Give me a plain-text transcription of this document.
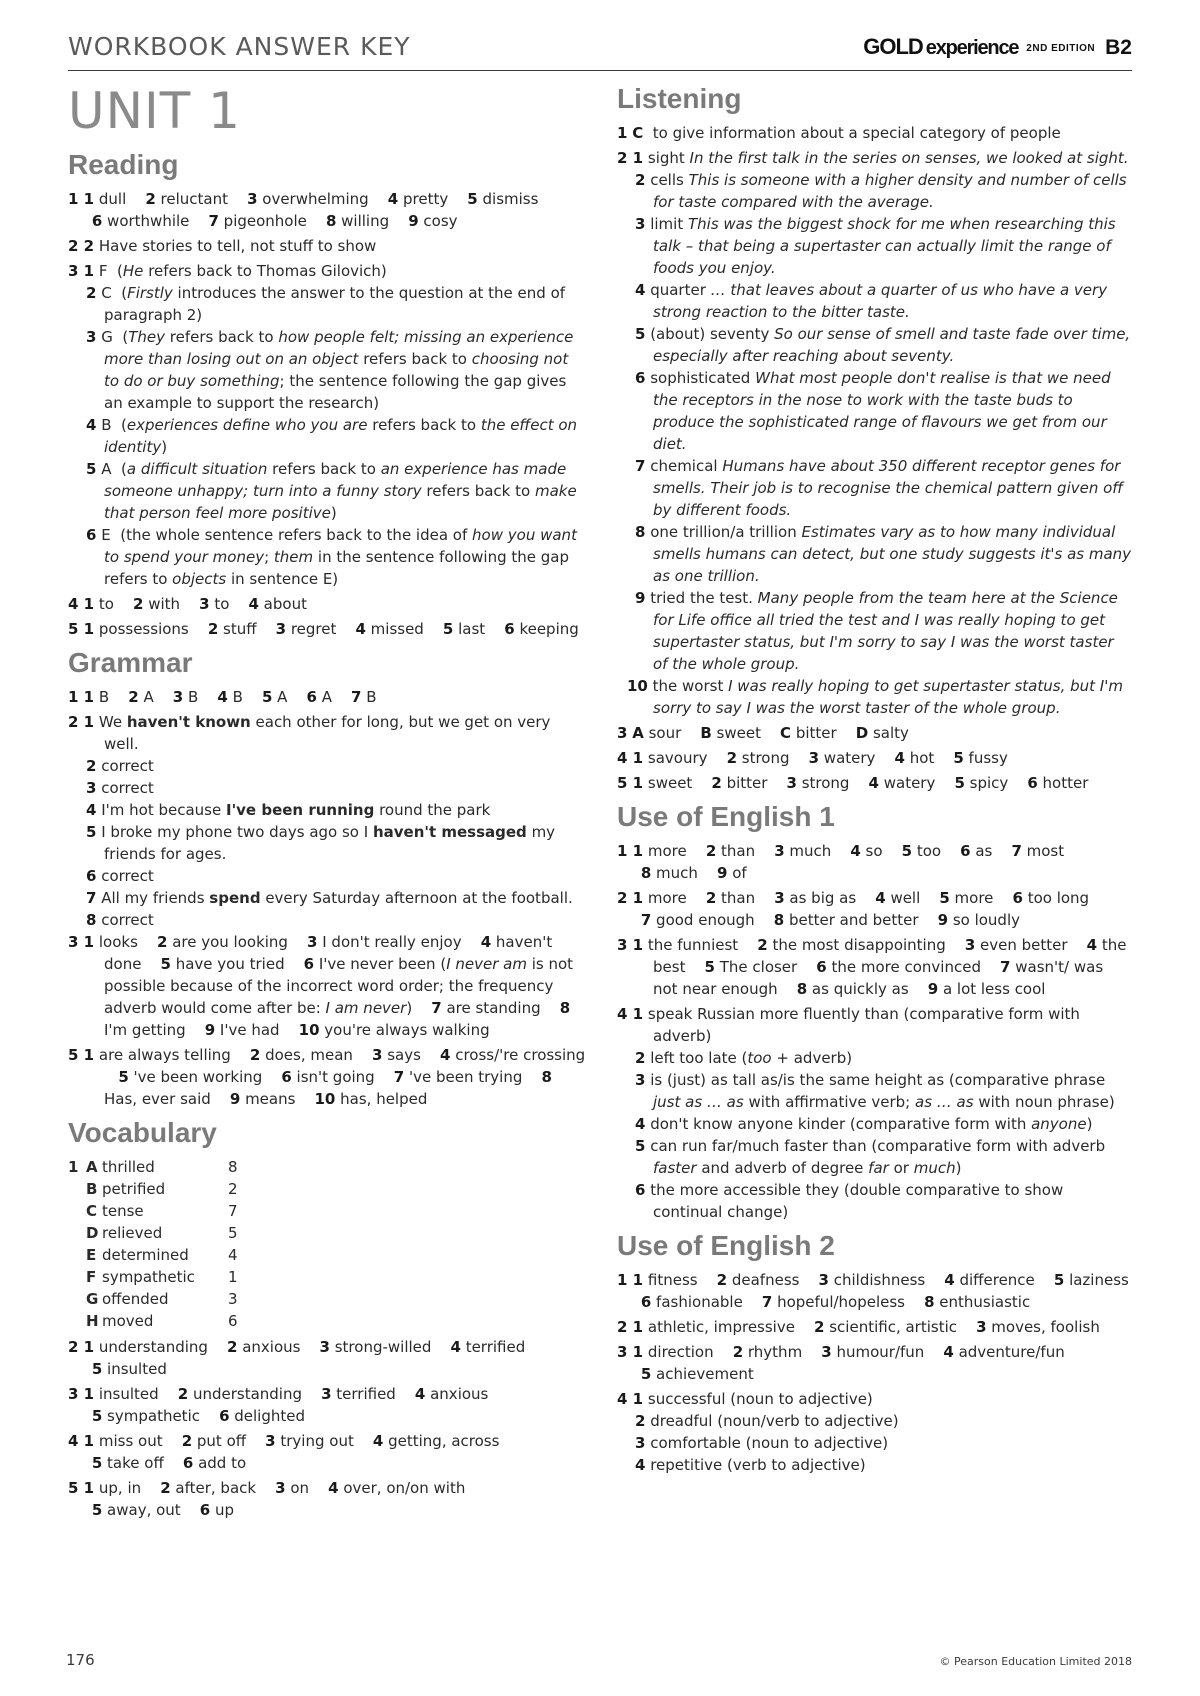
WORKBOOK ANSWER KEY	GOLD experience 2ND EDITION B2
UNIT 1
Reading
1 1 dull    2 reluctant    3 overwhelming    4 pretty    5 dismiss
6 worthwhile    7 pigeonhole    8 willing    9 cosy
2 2 Have stories to tell, not stuff to show
3 1 F  (He refers back to Thomas Gilovich)
2 C  (Firstly introduces the answer to the question at the end of paragraph 2)
3 G  (They refers back to how people felt; missing an experience more than losing out on an object refers back to choosing not to do or buy something; the sentence following the gap gives an example to support the research)
4 B  (experiences define who you are refers back to the effect on identity)
5 A  (a difficult situation refers back to an experience has made someone unhappy; turn into a funny story refers back to make that person feel more positive)
6 E  (the whole sentence refers back to the idea of how you want to spend your money; them in the sentence following the gap refers to objects in sentence E)
4 1 to    2 with    3 to    4 about
5 1 possessions    2 stuff    3 regret    4 missed    5 last    6 keeping
Grammar
1 1 B    2 A    3 B    4 B    5 A    6 A    7 B
2 1 We haven't known each other for long, but we get on very well.
2 correct
3 correct
4 I'm hot because I've been running round the park
5 I broke my phone two days ago so I haven't messaged my friends for ages.
6 correct
7 All my friends spend every Saturday afternoon at the football.
8 correct
3 1 looks    2 are you looking    3 I don't really enjoy    4 haven't done    5 have you tried    6 I've never been (I never am is not possible because of the incorrect word order; the frequency adverb would come after be: I am never)    7 are standing    8 I'm getting    9 I've had    10 you're always walking
5 1 are always telling    2 does, mean    3 says    4 cross/'re crossing    5 've been working    6 isn't going    7 've been trying    8 Has, ever said    9 means    10 has, helped
Vocabulary
1	A	thrilled	8
	B	petrified	2
	C	tense	7
	D	relieved	5
	E	determined	4
	F	sympathetic	1
	G	offended	3
	H	moved	6
2 1 understanding    2 anxious    3 strong-willed    4 terrified
5 insulted
3 1 insulted    2 understanding    3 terrified    4 anxious
5 sympathetic    6 delighted
4 1 miss out    2 put off    3 trying out    4 getting, across
5 take off    6 add to
5 1 up, in    2 after, back    3 on    4 over, on/on with
5 away, out    6 up
Listening
1 C  to give information about a special category of people
2 1 sight In the first talk in the series on senses, we looked at sight.
2 cells This is someone with a higher density and number of cells for taste compared with the average.
3 limit This was the biggest shock for me when researching this talk – that being a supertaster can actually limit the range of foods you enjoy.
4 quarter … that leaves about a quarter of us who have a very strong reaction to the bitter taste.
5 (about) seventy So our sense of smell and taste fade over time, especially after reaching about seventy.
6 sophisticated What most people don't realise is that we need the receptors in the nose to work with the taste buds to produce the sophisticated range of flavours we get from our diet.
7 chemical Humans have about 350 different receptor genes for smells. Their job is to recognise the chemical pattern given off by different foods.
8 one trillion/a trillion Estimates vary as to how many individual smells humans can detect, but one study suggests it's as many as one trillion.
9 tried the test. Many people from the team here at the Science for Life office all tried the test and I was really hoping to get supertaster status, but I'm sorry to say I was the worst taster of the whole group.
10 the worst I was really hoping to get supertaster status, but I'm sorry to say I was the worst taster of the whole group.
3 A sour    B sweet    C bitter    D salty
4 1 savoury    2 strong    3 watery    4 hot    5 fussy
5 1 sweet    2 bitter    3 strong    4 watery    5 spicy    6 hotter
Use of English 1
1 1 more    2 than    3 much    4 so    5 too    6 as    7 most
8 much    9 of
2 1 more    2 than    3 as big as    4 well    5 more    6 too long
7 good enough    8 better and better    9 so loudly
3 1 the funniest    2 the most disappointing    3 even better    4 the best    5 The closer    6 the more convinced    7 wasn't/ was not near enough    8 as quickly as    9 a lot less cool
4 1 speak Russian more fluently than (comparative form with adverb)
2 left too late (too + adverb)
3 is (just) as tall as/is the same height as (comparative phrase just as … as with affirmative verb; as … as with noun phrase)
4 don't know anyone kinder (comparative form with anyone)
5 can run far/much faster than (comparative form with adverb faster and adverb of degree far or much)
6 the more accessible they (double comparative to show continual change)
Use of English 2
1 1 fitness    2 deafness    3 childishness    4 difference    5 laziness
6 fashionable    7 hopeful/hopeless    8 enthusiastic
2 1 athletic, impressive    2 scientific, artistic    3 moves, foolish
3 1 direction    2 rhythm    3 humour/fun    4 adventure/fun
5 achievement
4 1 successful (noun to adjective)
2 dreadful (noun/verb to adjective)
3 comfortable (noun to adjective)
4 repetitive (verb to adjective)
176	© Pearson Education Limited 2018
